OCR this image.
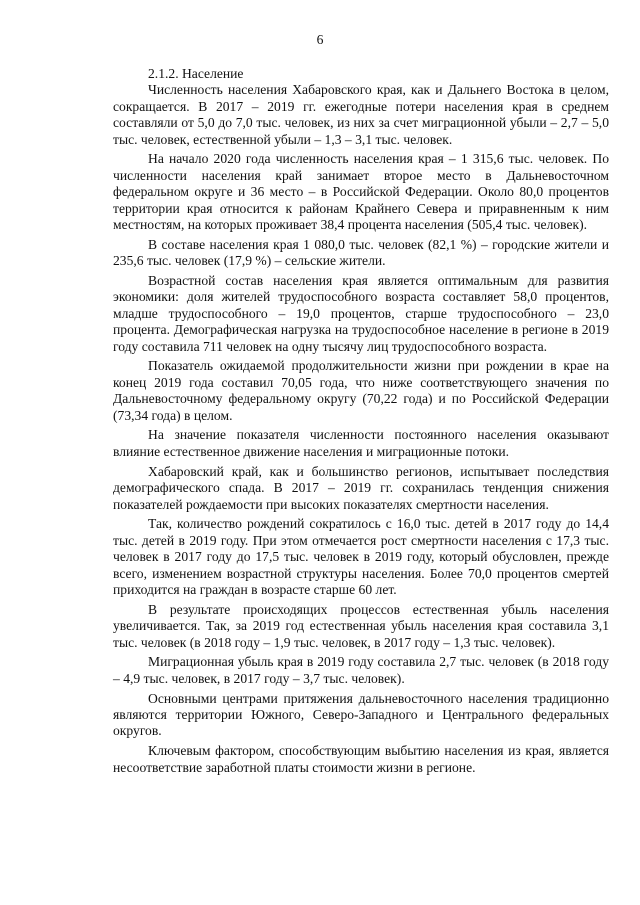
6

2.1.2. Население

Численность населения Хабаровского края, как и Дальнего Востока в целом, сокращается. В 2017 – 2019 гг. ежегодные потери населения края в среднем составляли от 5,0 до 7,0 тыс. человек, из них за счет миграционной убыли – 2,7 – 5,0 тыс. человек, естественной убыли – 1,3 – 3,1 тыс. человек.

На начало 2020 года численность населения края – 1 315,6 тыс. человек. По численности населения край занимает второе место в Дальневосточном федеральном округе и 36 место – в Российской Федерации. Около 80,0 процентов территории края относится к районам Крайнего Севера и приравненным к ним местностям, на которых проживает 38,4 процента населения (505,4 тыс. человек).

В составе населения края 1 080,0 тыс. человек (82,1 %) – городские жители и 235,6 тыс. человек (17,9 %) – сельские жители.

Возрастной состав населения края является оптимальным для развития экономики: доля жителей трудоспособного возраста составляет 58,0 процентов, младше трудоспособного – 19,0 процентов, старше трудоспособного – 23,0 процента. Демографическая нагрузка на трудоспособное население в регионе в 2019 году составила 711 человек на одну тысячу лиц трудоспособного возраста.

Показатель ожидаемой продолжительности жизни при рождении в крае на конец 2019 года составил 70,05 года, что ниже соответствующего значения по Дальневосточному федеральному округу (70,22 года) и по Российской Федерации (73,34 года) в целом.

На значение показателя численности постоянного населения оказывают влияние естественное движение населения и миграционные потоки.

Хабаровский край, как и большинство регионов, испытывает последствия демографического спада. В 2017 – 2019 гг. сохранилась тенденция снижения показателей рождаемости при высоких показателях смертности населения.

Так, количество рождений сократилось с 16,0 тыс. детей в 2017 году до 14,4 тыс. детей в 2019 году. При этом отмечается рост смертности населения с 17,3 тыс. человек в 2017 году до 17,5 тыс. человек в 2019 году, который обусловлен, прежде всего, изменением возрастной структуры населения. Более 70,0 процентов смертей приходится на граждан в возрасте старше 60 лет.

В результате происходящих процессов естественная убыль населения увеличивается. Так, за 2019 год естественная убыль населения края составила 3,1 тыс. человек (в 2018 году – 1,9 тыс. человек, в 2017 году – 1,3 тыс. человек).

Миграционная убыль края в 2019 году составила 2,7 тыс. человек (в 2018 году – 4,9 тыс. человек, в 2017 году – 3,7 тыс. человек).

Основными центрами притяжения дальневосточного населения традиционно являются территории Южного, Северо-Западного и Центрального федеральных округов.

Ключевым фактором, способствующим выбытию населения из края, является несоответствие заработной платы стоимости жизни в регионе.
